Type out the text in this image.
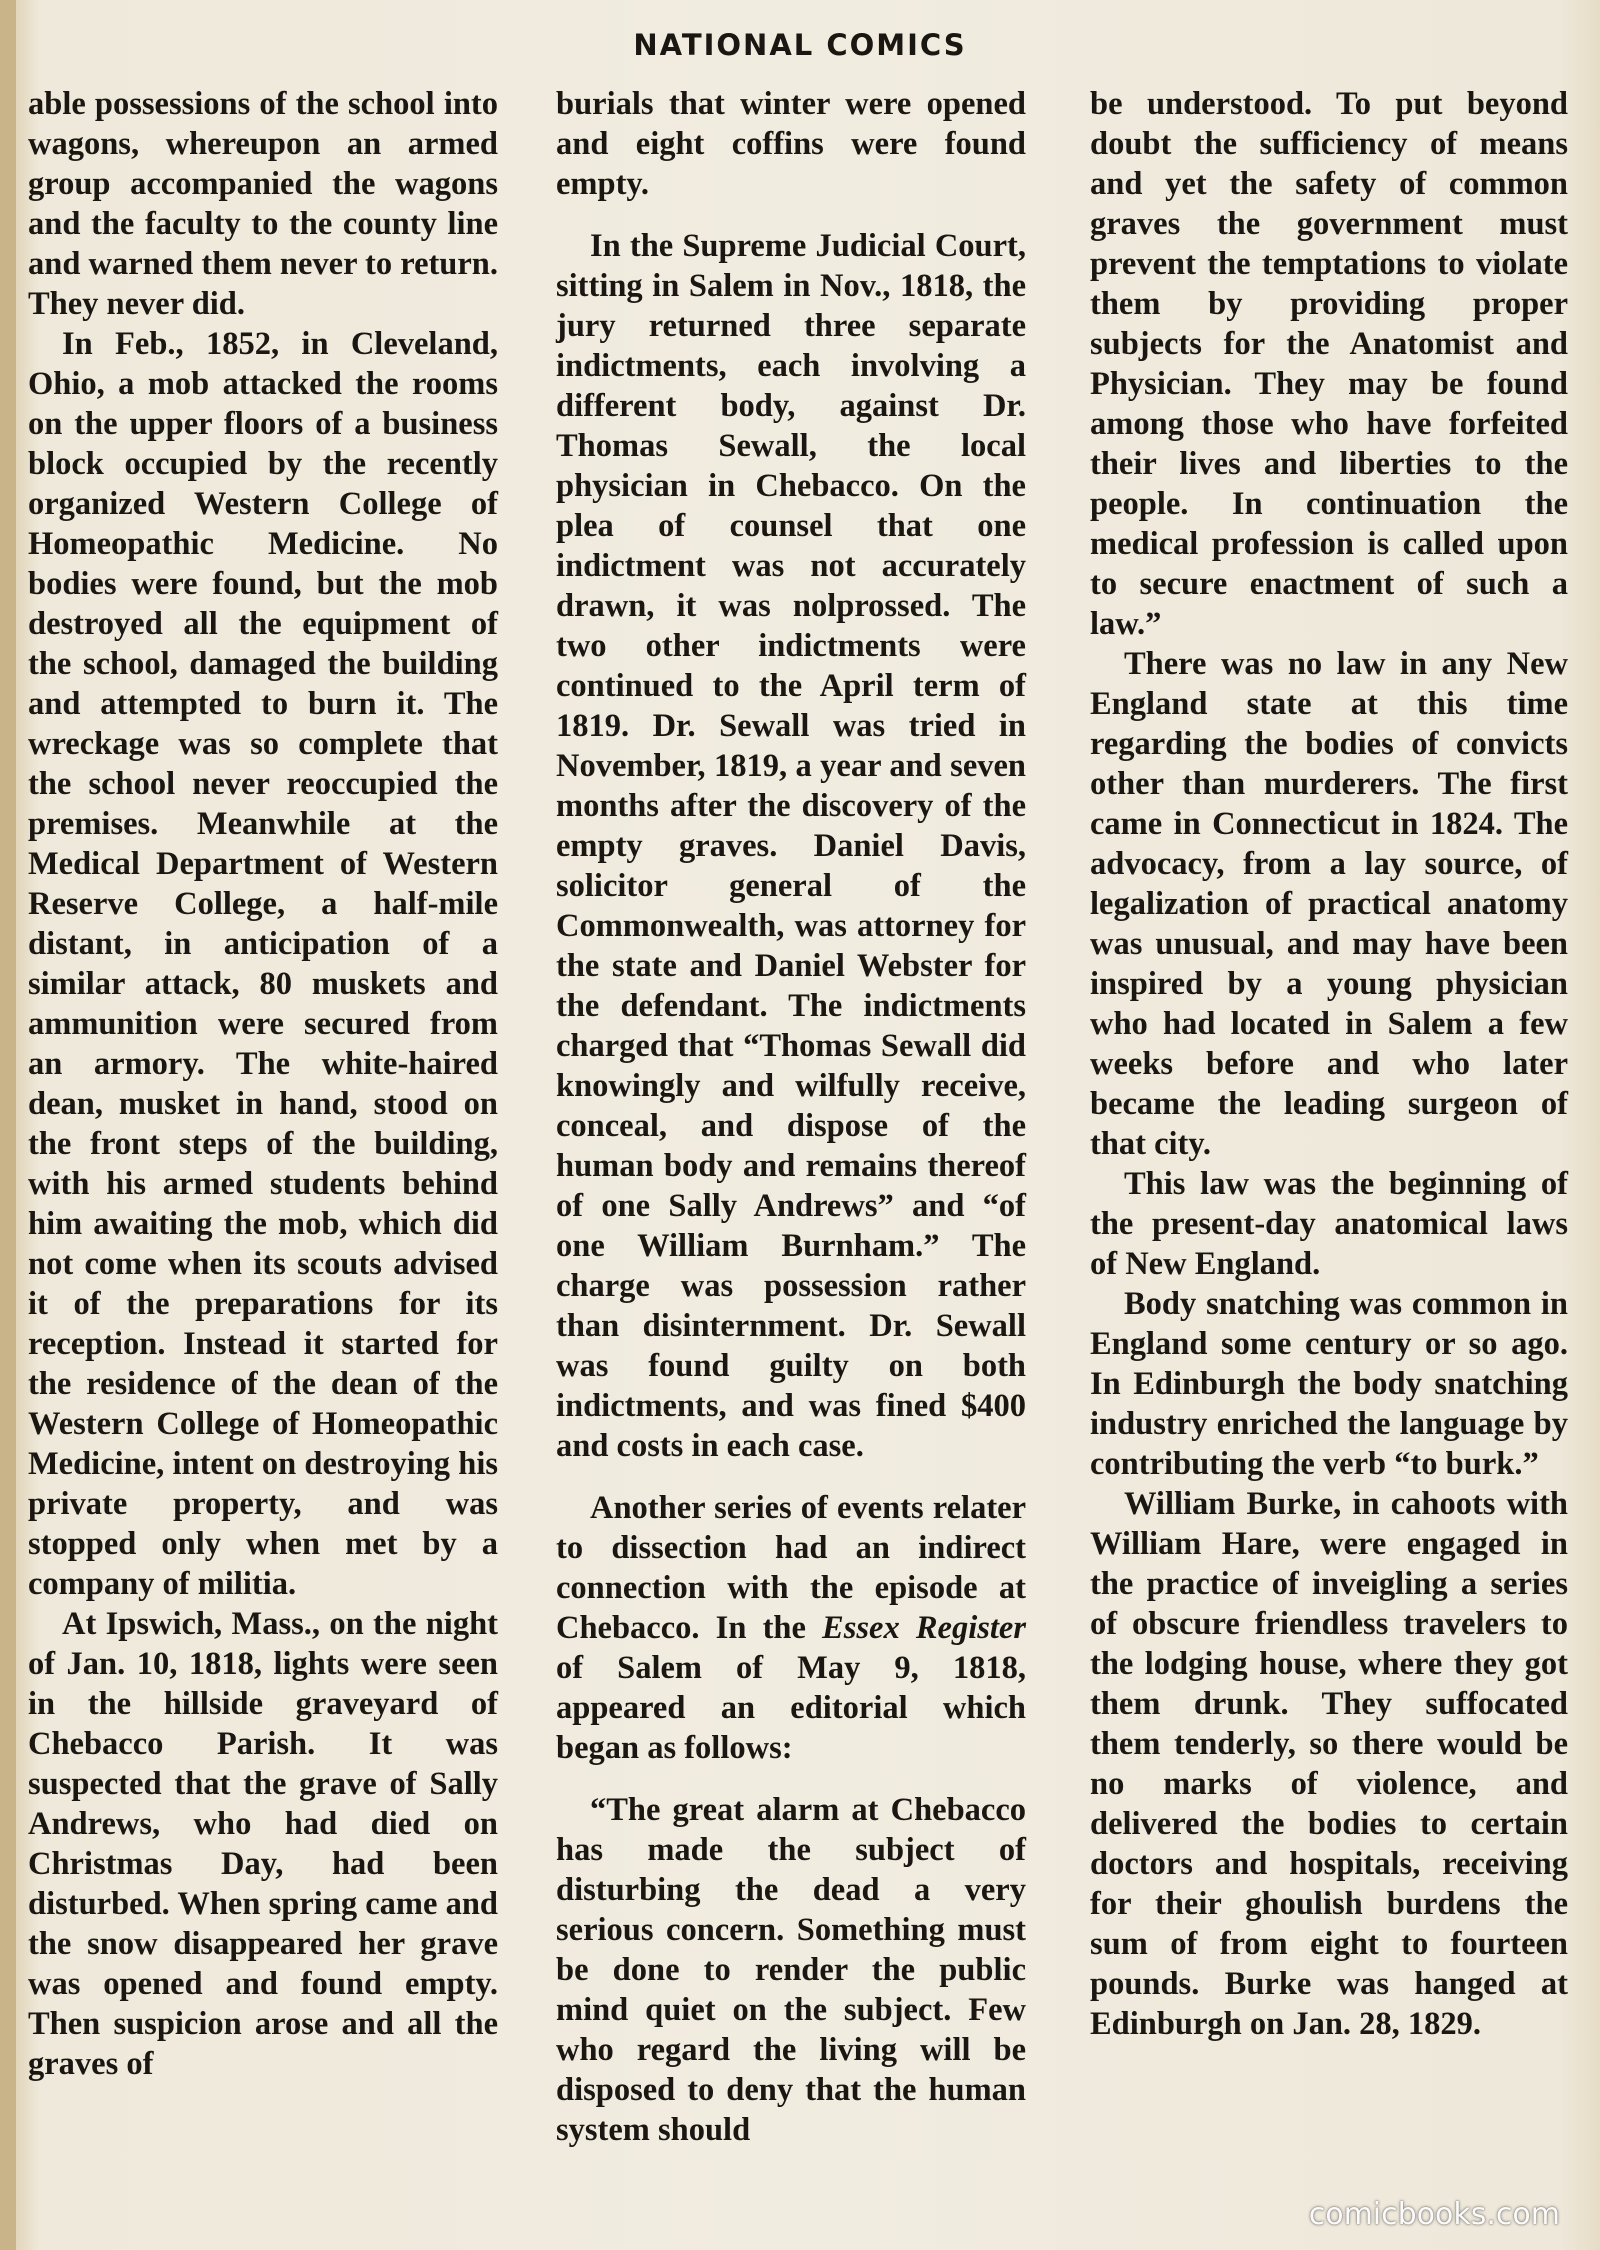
NATIONAL COMICS

able possessions of the school into wagons, whereupon an armed group accompanied the wagons and the faculty to the county line and warned them never to return. They never did.

In Feb., 1852, in Cleveland, Ohio, a mob attacked the rooms on the upper floors of a business block occupied by the recently organized Western College of Homeopathic Medicine. No bodies were found, but the mob destroyed all the equipment of the school, damaged the building and attempted to burn it. The wreckage was so complete that the school never reoccupied the premises. Meanwhile at the Medical Department of Western Reserve College, a half-mile distant, in anticipation of a similar attack, 80 muskets and ammunition were secured from an armory. The white-haired dean, musket in hand, stood on the front steps of the building, with his armed students behind him awaiting the mob, which did not come when its scouts advised it of the preparations for its reception. Instead it started for the residence of the dean of the Western College of Homeopathic Medicine, intent on destroying his private property, and was stopped only when met by a company of militia.

At Ipswich, Mass., on the night of Jan. 10, 1818, lights were seen in the hillside graveyard of Chebacco Parish. It was suspected that the grave of Sally Andrews, who had died on Christmas Day, had been disturbed. When spring came and the snow disappeared her grave was opened and found empty. Then suspicion arose and all the graves of

burials that winter were opened and eight coffins were found empty.

In the Supreme Judicial Court, sitting in Salem in Nov., 1818, the jury returned three separate indictments, each involving a different body, against Dr. Thomas Sewall, the local physician in Chebacco. On the plea of counsel that one indictment was not accurately drawn, it was nolprossed. The two other indictments were continued to the April term of 1819. Dr. Sewall was tried in November, 1819, a year and seven months after the discovery of the empty graves. Daniel Davis, solicitor general of the Commonwealth, was attorney for the state and Daniel Webster for the defendant. The indictments charged that “Thomas Sewall did knowingly and wilfully receive, conceal, and dispose of the human body and remains thereof of one Sally Andrews” and “of one William Burnham.” The charge was possession rather than disinternment. Dr. Sewall was found guilty on both indictments, and was fined $400 and costs in each case.

Another series of events relater to dissection had an indirect connection with the episode at Chebacco. In the Essex Register of Salem of May 9, 1818, appeared an editorial which began as follows:

“The great alarm at Chebacco has made the subject of disturbing the dead a very serious concern. Something must be done to render the public mind quiet on the subject. Few who regard the living will be disposed to deny that the human system should

be understood. To put beyond doubt the sufficiency of means and yet the safety of common graves the government must prevent the temptations to violate them by providing proper subjects for the Anatomist and Physician. They may be found among those who have forfeited their lives and liberties to the people. In continuation the medical profession is called upon to secure enactment of such a law.”

There was no law in any New England state at this time regarding the bodies of convicts other than murderers. The first came in Connecticut in 1824. The advocacy, from a lay source, of legalization of practical anatomy was unusual, and may have been inspired by a young physician who had located in Salem a few weeks before and who later became the leading surgeon of that city.

This law was the beginning of the present-day anatomical laws of New England.

Body snatching was common in England some century or so ago. In Edinburgh the body snatching industry enriched the language by contributing the verb “to burk.”

William Burke, in cahoots with William Hare, were engaged in the practice of inveigling a series of obscure friendless travelers to the lodging house, where they got them drunk. They suffocated them tenderly, so there would be no marks of violence, and delivered the bodies to certain doctors and hospitals, receiving for their ghoulish burdens the sum of from eight to fourteen pounds. Burke was hanged at Edinburgh on Jan. 28, 1829.

comicbooks.com
